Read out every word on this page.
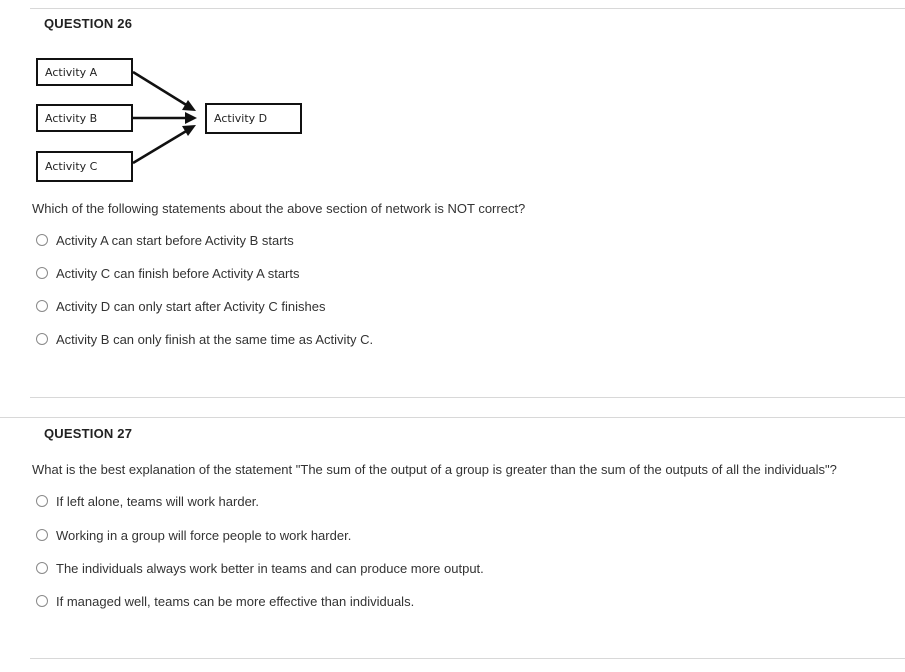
QUESTION 26
Activity A
Activity B
Activity C
Activity D
Which of the following statements about the above section of network is NOT correct?
Activity A can start before Activity B starts
Activity C can finish before Activity A starts
Activity D can only start after Activity C finishes
Activity B can only finish at the same time as Activity C.
QUESTION 27
What is the best explanation of the statement "The sum of the output of a group is greater than the sum of the outputs of all the individuals"?
If left alone, teams will work harder.
Working in a group will force people to work harder.
The individuals always work better in teams and can produce more output.
If managed well, teams can be more effective than individuals.
